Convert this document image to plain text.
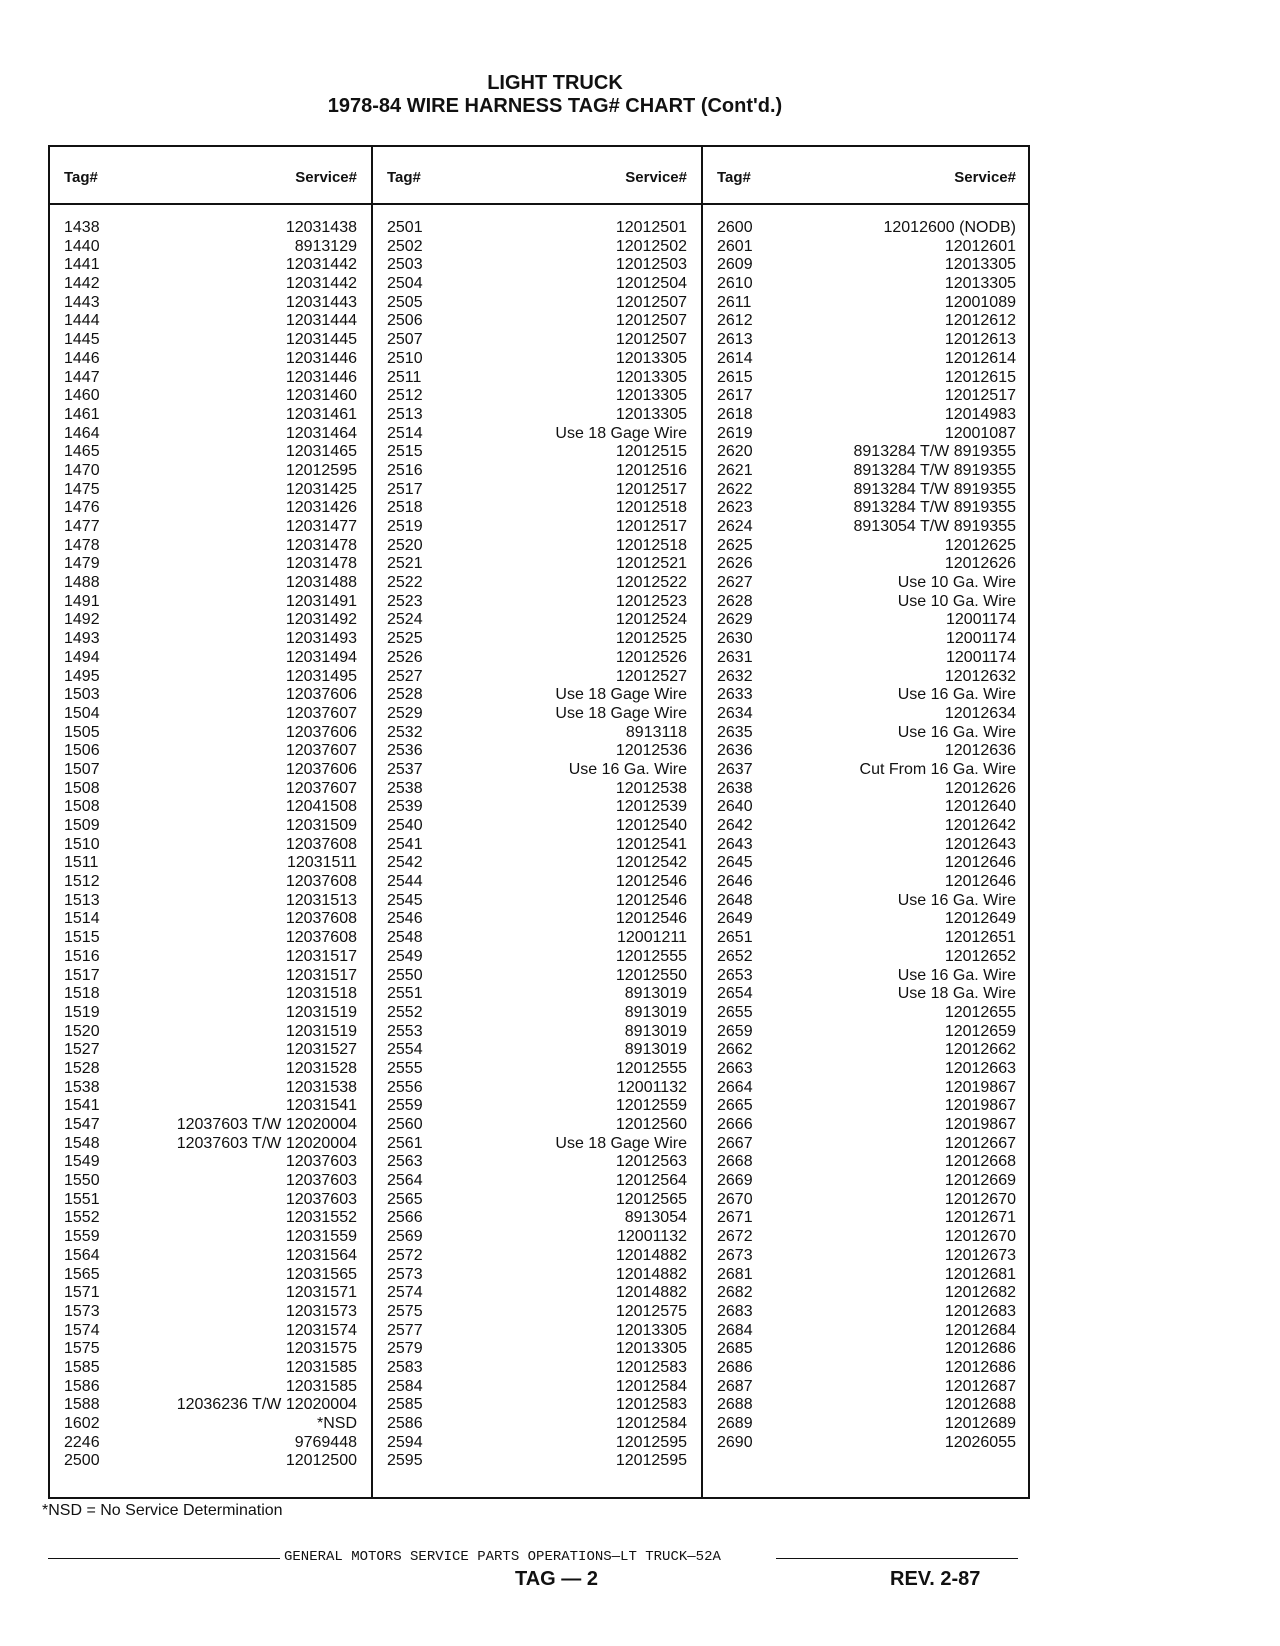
LIGHT TRUCK
1978-84 WIRE HARNESS TAG# CHART (Cont'd.)
Tag#	Service#
1438	12031438
1440	8913129
1441	12031442
1442	12031442
1443	12031443
1444	12031444
1445	12031445
1446	12031446
1447	12031446
1460	12031460
1461	12031461
1464	12031464
1465	12031465
1470	12012595
1475	12031425
1476	12031426
1477	12031477
1478	12031478
1479	12031478
1488	12031488
1491	12031491
1492	12031492
1493	12031493
1494	12031494
1495	12031495
1503	12037606
1504	12037607
1505	12037606
1506	12037607
1507	12037606
1508	12037607
1508	12041508
1509	12031509
1510	12037608
1511	12031511
1512	12037608
1513	12031513
1514	12037608
1515	12037608
1516	12031517
1517	12031517
1518	12031518
1519	12031519
1520	12031519
1527	12031527
1528	12031528
1538	12031538
1541	12031541
1547	12037603 T/W 12020004
1548	12037603 T/W 12020004
1549	12037603
1550	12037603
1551	12037603
1552	12031552
1559	12031559
1564	12031564
1565	12031565
1571	12031571
1573	12031573
1574	12031574
1575	12031575
1585	12031585
1586	12031585
1588	12036236 T/W 12020004
1602	*NSD
2246	9769448
2500	12012500
Tag#	Service#
2501	12012501
2502	12012502
2503	12012503
2504	12012504
2505	12012507
2506	12012507
2507	12012507
2510	12013305
2511	12013305
2512	12013305
2513	12013305
2514	Use 18 Gage Wire
2515	12012515
2516	12012516
2517	12012517
2518	12012518
2519	12012517
2520	12012518
2521	12012521
2522	12012522
2523	12012523
2524	12012524
2525	12012525
2526	12012526
2527	12012527
2528	Use 18 Gage Wire
2529	Use 18 Gage Wire
2532	8913118
2536	12012536
2537	Use 16 Ga. Wire
2538	12012538
2539	12012539
2540	12012540
2541	12012541
2542	12012542
2544	12012546
2545	12012546
2546	12012546
2548	12001211
2549	12012555
2550	12012550
2551	8913019
2552	8913019
2553	8913019
2554	8913019
2555	12012555
2556	12001132
2559	12012559
2560	12012560
2561	Use 18 Gage Wire
2563	12012563
2564	12012564
2565	12012565
2566	8913054
2569	12001132
2572	12014882
2573	12014882
2574	12014882
2575	12012575
2577	12013305
2579	12013305
2583	12012583
2584	12012584
2585	12012583
2586	12012584
2594	12012595
2595	12012595
Tag#	Service#
2600	12012600 (NODB)
2601	12012601
2609	12013305
2610	12013305
2611	12001089
2612	12012612
2613	12012613
2614	12012614
2615	12012615
2617	12012517
2618	12014983
2619	12001087
2620	8913284 T/W 8919355
2621	8913284 T/W 8919355
2622	8913284 T/W 8919355
2623	8913284 T/W 8919355
2624	8913054 T/W 8919355
2625	12012625
2626	12012626
2627	Use 10 Ga. Wire
2628	Use 10 Ga. Wire
2629	12001174
2630	12001174
2631	12001174
2632	12012632
2633	Use 16 Ga. Wire
2634	12012634
2635	Use 16 Ga. Wire
2636	12012636
2637	Cut From 16 Ga. Wire
2638	12012626
2640	12012640
2642	12012642
2643	12012643
2645	12012646
2646	12012646
2648	Use 16 Ga. Wire
2649	12012649
2651	12012651
2652	12012652
2653	Use 16 Ga. Wire
2654	Use 18 Ga. Wire
2655	12012655
2659	12012659
2662	12012662
2663	12012663
2664	12019867
2665	12019867
2666	12019867
2667	12012667
2668	12012668
2669	12012669
2670	12012670
2671	12012671
2672	12012670
2673	12012673
2681	12012681
2682	12012682
2683	12012683
2684	12012684
2685	12012686
2686	12012686
2687	12012687
2688	12012688
2689	12012689
2690	12026055
*NSD = No Service Determination
GENERAL MOTORS SERVICE PARTS OPERATIONS—LT TRUCK—52A
TAG — 2	REV. 2-87
